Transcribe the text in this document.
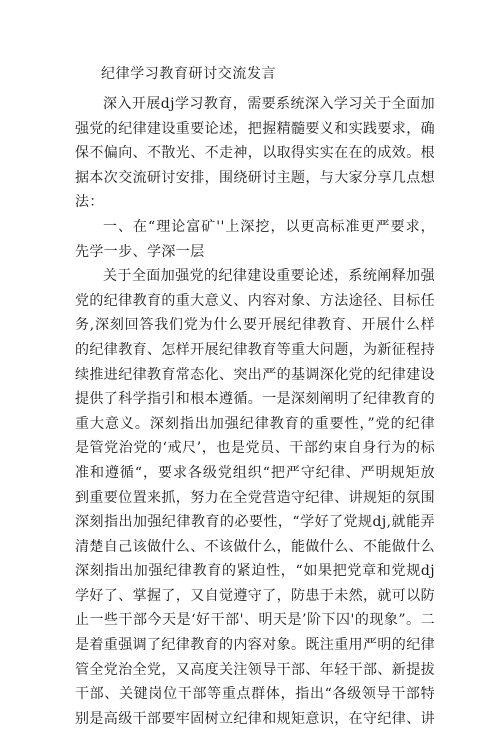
纪律学习教育研讨交流发言

深入开展dj学习教育，需要系统深入学习关于全面加强党的纪律建设重要论述，把握精髓要义和实践要求，确保不偏向、不散光、不走神，以取得实实在在的成效。根据本次交流研讨安排，围绕研讨主题，与大家分享几点想法：

一、在“理论富矿''上深挖，以更高标准更严要求，先学一步、学深一层

关于全面加强党的纪律建设重要论述，系统阐释加强党的纪律教育的重大意义、内容对象、方法途径、目标任务,深刻回答我们党为什么要开展纪律教育、开展什么样的纪律教育、怎样开展纪律教育等重大问题，为新征程持续推进纪律教育常态化、突出严的基调深化党的纪律建设提供了科学指引和根本遵循。一是深刻阐明了纪律教育的重大意义。深刻指出加强纪律教育的重要性，”党的纪律是管党治党的‘戒尺’，也是党员、干部约束自身行为的标准和遵循“，要求各级党组织“把严守纪律、严明规矩放到重要位置来抓，努力在全党营造守纪律、讲规矩的氛围深刻指出加强纪律教育的必要性，“学好了党规dj,就能弄清楚自己该做什么、不该做什么，能做什么、不能做什么深刻指出加强纪律教育的紧迫性，“如果把党章和党规dj学好了、掌握了，又自觉遵守了，防患于未然，就可以防止一些干部今天是‘好干部'、明天是’阶下囚'的现象”。二是着重强调了纪律教育的内容对象。既注重用严明的纪律管全党治全党，又高度关注领导干部、年轻干部、新提拔干部、关键岗位干部等重点群体，指出“各级领导干部特别是高级干部要牢固树立纪律和规矩意识，在守纪律、讲
